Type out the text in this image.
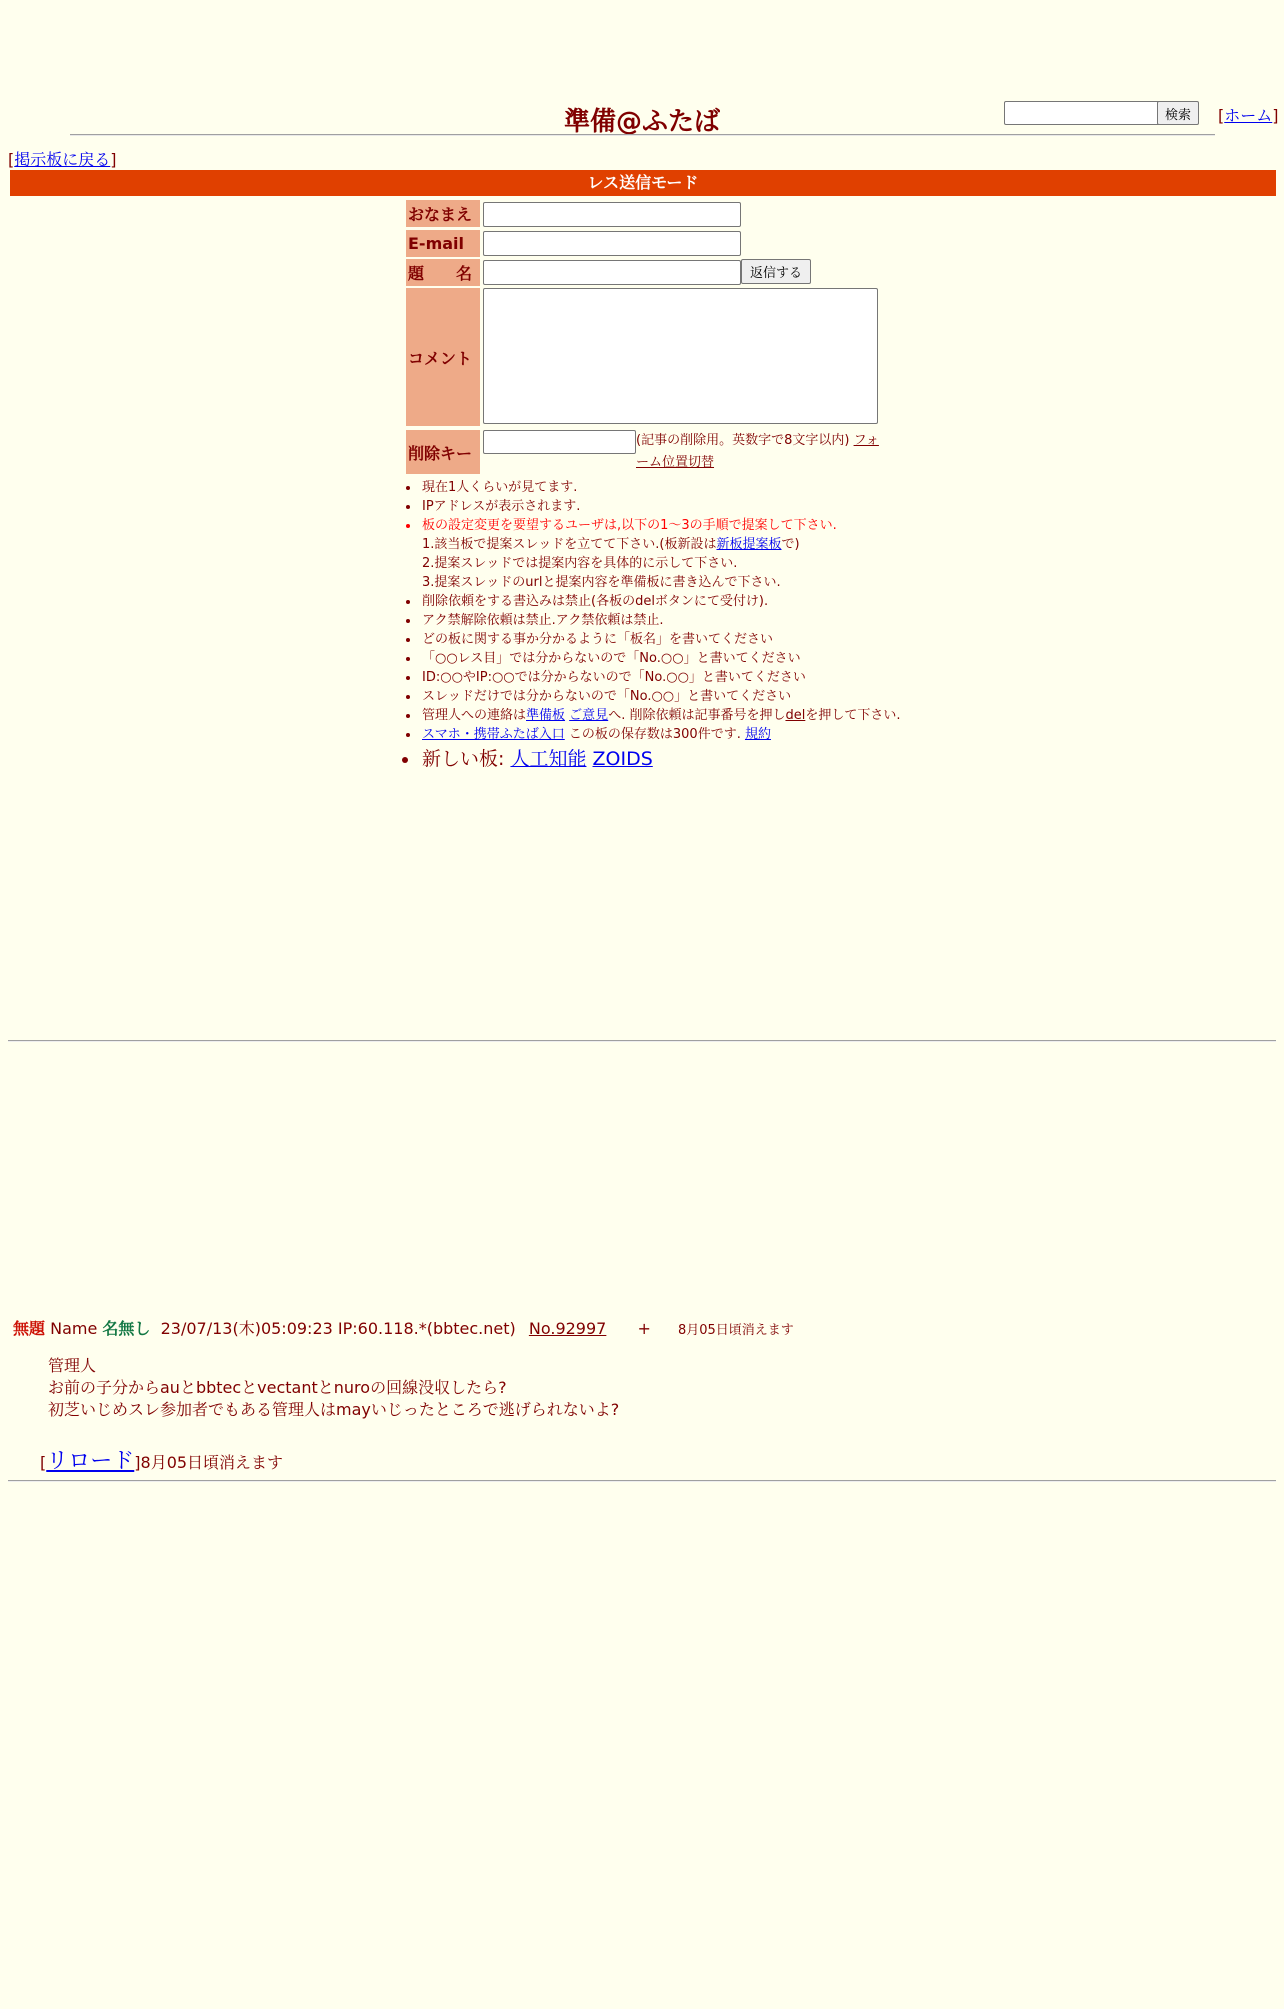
検索	[ホーム]
準備@ふたば
[掲示板に戻る]
レス送信モード
おなまえ
E-mail
題　　名	返信する
コメント
削除キー
(記事の削除用。英数字で8文字以内) フォーム位置切替
• 現在1人くらいが見てます.
• IPアドレスが表示されます.
• 板の設定変更を要望するユーザは,以下の1〜3の手順で提案して下さい.
1.該当板で提案スレッドを立てて下さい.(板新設は新板提案板で)
2.提案スレッドでは提案内容を具体的に示して下さい.
3.提案スレッドのurlと提案内容を準備板に書き込んで下さい.
• 削除依頼をする書込みは禁止(各板のdelボタンにて受付け).
• アク禁解除依頼は禁止.アク禁依頼は禁止.
• どの板に関する事か分かるように「板名」を書いてください
• 「○○レス目」では分からないので「No.○○」と書いてください
• ID:○○やIP:○○では分からないので「No.○○」と書いてください
• スレッドだけでは分からないので「No.○○」と書いてください
• 管理人への連絡は準備板 ご意見へ. 削除依頼は記事番号を押しdelを押して下さい.
• スマホ・携帯ふたば入口 この板の保存数は300件です. 規約
• 新しい板: 人工知能 ZOIDS
無題 Name 名無し 23/07/13(木)05:09:23 IP:60.118.*(bbtec.net) No.92997 + 8月05日頃消えます
管理人
お前の子分からauとbbtecとvectantとnuroの回線没収したら?
初芝いじめスレ参加者でもある管理人はmayいじったところで逃げられないよ?
[リロード]8月05日頃消えます
